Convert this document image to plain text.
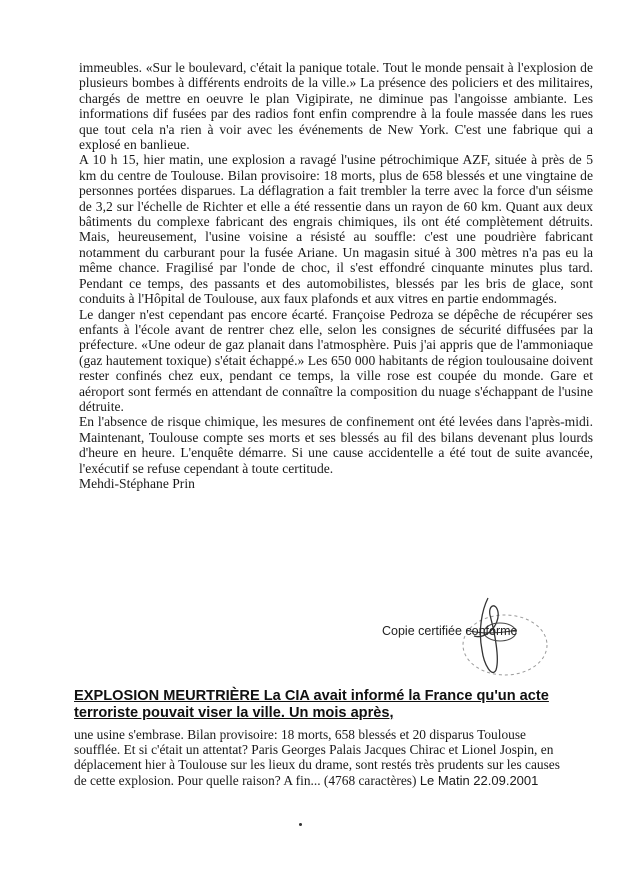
immeubles. «Sur le boulevard, c'était la panique totale. Tout le monde pensait à l'explosion de plusieurs bombes à différents endroits de la ville.» La présence des policiers et des militaires, chargés de mettre en oeuvre le plan Vigipirate, ne diminue pas l'angoisse ambiante. Les informations dif fusées par des radios font enfin comprendre à la foule massée dans les rues que tout cela n'a rien à voir avec les événements de New York. C'est une fabrique qui a explosé en banlieue.

A 10 h 15, hier matin, une explosion a ravagé l'usine pétrochimique AZF, située à près de 5 km du centre de Toulouse. Bilan provisoire: 18 morts, plus de 658 blessés et une vingtaine de personnes portées disparues. La déflagration a fait trembler la terre avec la force d'un séisme de 3,2 sur l'échelle de Richter et elle a été ressentie dans un rayon de 60 km. Quant aux deux bâtiments du complexe fabricant des engrais chimiques, ils ont été complètement détruits. Mais, heureusement, l'usine voisine a résisté au souffle: c'est une poudrière fabricant notamment du carburant pour la fusée Ariane. Un magasin situé à 300 mètres n'a pas eu la même chance. Fragilisé par l'onde de choc, il s'est effondré cinquante minutes plus tard. Pendant ce temps, des passants et des automobilistes, blessés par les bris de glace, sont conduits à l'Hôpital de Toulouse, aux faux plafonds et aux vitres en partie endommagés.

Le danger n'est cependant pas encore écarté. Françoise Pedroza se dépêche de récupérer ses enfants à l'école avant de rentrer chez elle, selon les consignes de sécurité diffusées par la préfecture. «Une odeur de gaz planait dans l'atmosphère. Puis j'ai appris que de l'ammoniaque (gaz hautement toxique) s'était échappé.» Les 650 000 habitants de région toulousaine doivent rester confinés chez eux, pendant ce temps, la ville rose est coupée du monde. Gare et aéroport sont fermés en attendant de connaître la composition du nuage s'échappant de l'usine détruite.

En l'absence de risque chimique, les mesures de confinement ont été levées dans l'après-midi. Maintenant, Toulouse compte ses morts et ses blessés au fil des bilans devenant plus lourds d'heure en heure. L'enquête démarre. Si une cause accidentelle a été tout de suite avancée, l'exécutif se refuse cependant à toute certitude.

Mehdi-Stéphane Prin

Copie certifiée conforme
EXPLOSION MEURTRIÈRE La CIA avait informé la France qu'un acte terroriste pouvait viser la ville. Un mois après,
une usine s'embrase. Bilan provisoire: 18 morts, 658 blessés et 20 disparus Toulouse soufflée. Et si c'était un attentat? Paris Georges Palais Jacques Chirac et Lionel Jospin, en déplacement hier à Toulouse sur les lieux du drame, sont restés très prudents sur les causes de cette explosion. Pour quelle raison? A fin... (4768 caractères) Le Matin 22.09.2001
